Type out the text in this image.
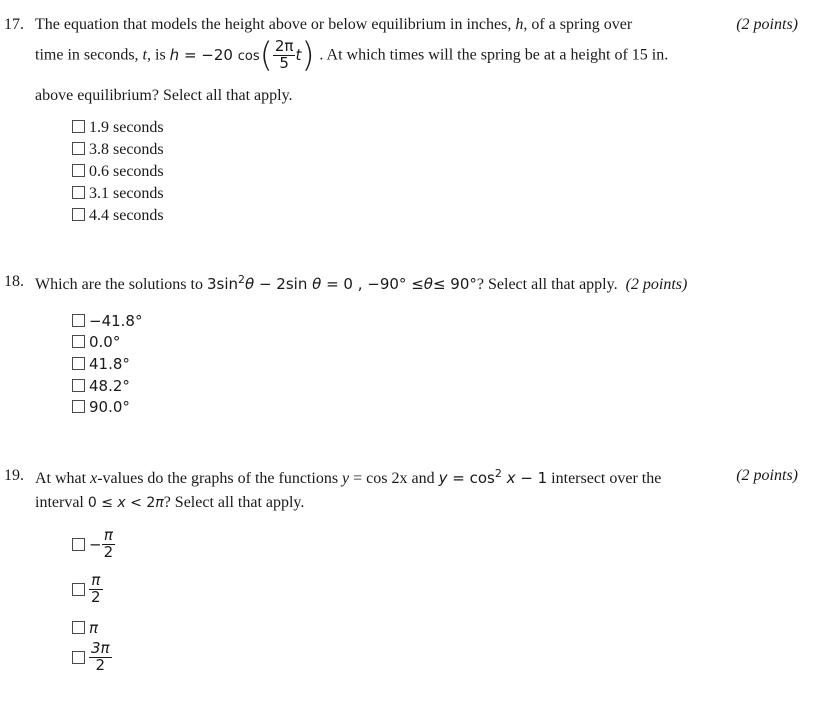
17.	(2 points)
The equation that models the height above or below equilibrium in inches, h, of a spring over
time in seconds, t, is h = −20 $\cos( \frac{2\pi}{5} t)$ . At which times will the spring be at a height of 15 in.
above equilibrium? Select all that apply.
1.9 seconds
3.8 seconds
0.6 seconds
3.1 seconds
4.4 seconds
18. Which are the solutions to $3\sin^2\theta - 2\sin$ θ = 0 , −90° ≤θ≤ 90°? Select all that apply. (2 points)
−41.8°
0.0°
41.8°
48.2°
90.0°
19.	(2 points)
At what x-values do the graphs of the functions y = cos 2x and $y = \cos^2 x - 1$ intersect over the
interval 0 ≤ x < 2π? Select all that apply.
− $\frac{\pi}{2}$
$\frac{\pi}{2}$
π
$\frac{3\pi}{2}$
